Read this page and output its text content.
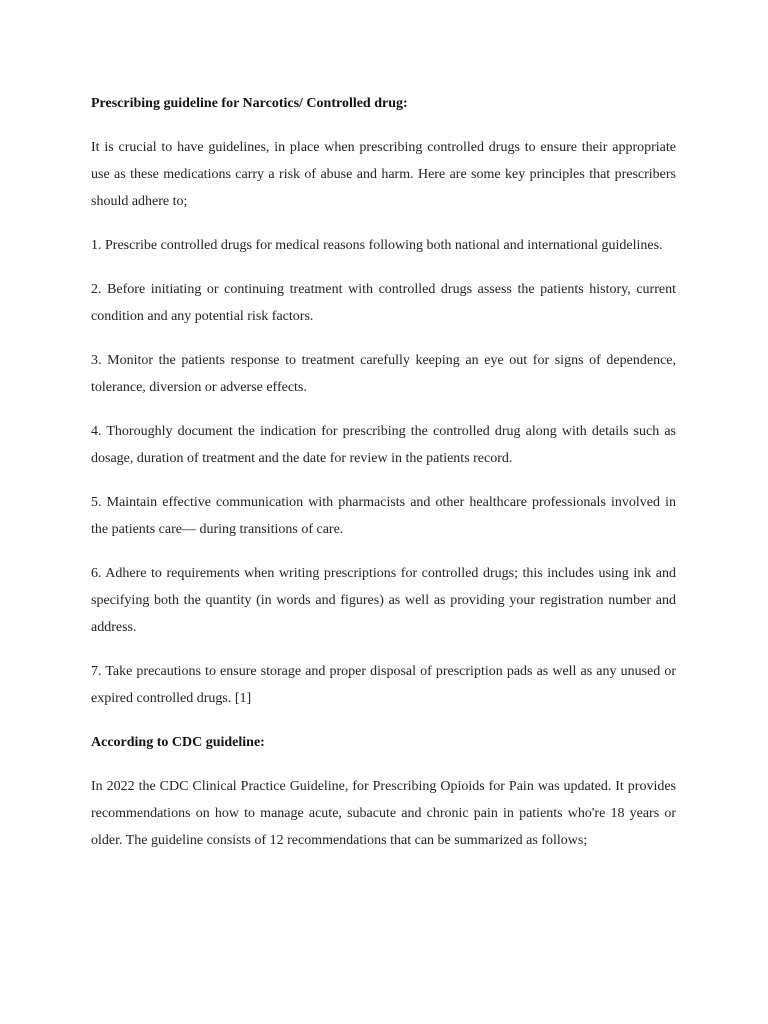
Prescribing guideline for Narcotics/ Controlled drug:

It is crucial to have guidelines, in place when prescribing controlled drugs to ensure their appropriate use as these medications carry a risk of abuse and harm. Here are some key principles that prescribers should adhere to;

1. Prescribe controlled drugs for medical reasons following both national and international guidelines.

2. Before initiating or continuing treatment with controlled drugs assess the patients history, current condition and any potential risk factors.

3. Monitor the patients response to treatment carefully keeping an eye out for signs of dependence, tolerance, diversion or adverse effects.

4. Thoroughly document the indication for prescribing the controlled drug along with details such as dosage, duration of treatment and the date for review in the patients record.

5. Maintain effective communication with pharmacists and other healthcare professionals involved in the patients care— during transitions of care.

6. Adhere to requirements when writing prescriptions for controlled drugs; this includes using ink and specifying both the quantity (in words and figures) as well as providing your registration number and address.

7. Take precautions to ensure storage and proper disposal of prescription pads as well as any unused or expired controlled drugs. [1]

According to CDC guideline:

In 2022 the CDC Clinical Practice Guideline, for Prescribing Opioids for Pain was updated. It provides recommendations on how to manage acute, subacute and chronic pain in patients who're 18 years or older. The guideline consists of 12 recommendations that can be summarized as follows;
